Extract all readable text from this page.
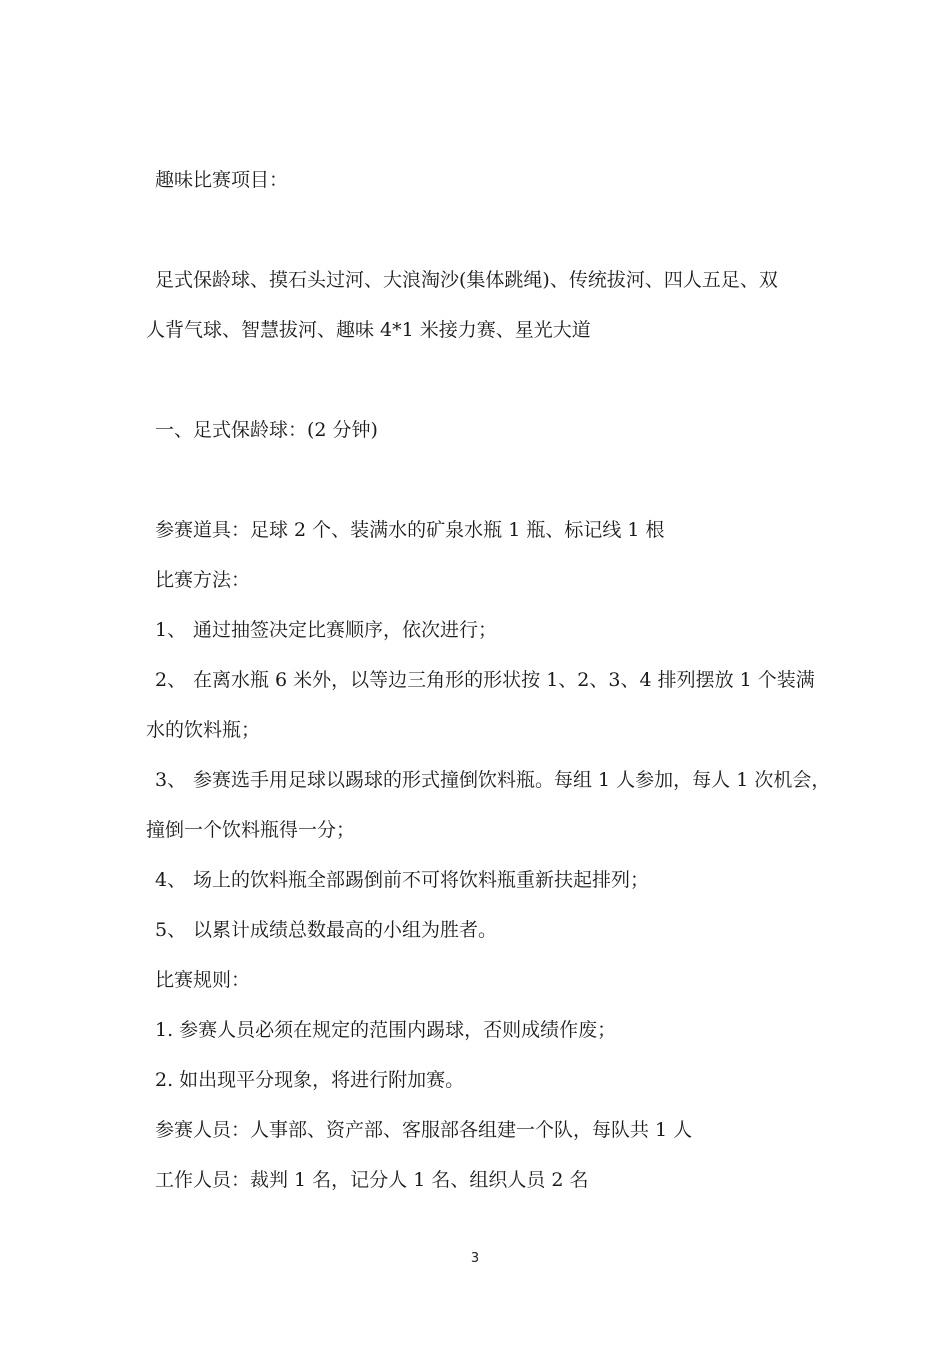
趣味比赛项目：
足式保龄球、摸石头过河、大浪淘沙(集体跳绳)、传统拔河、四人五足、双
人背气球、智慧拔河、趣味 4*1 米接力赛、星光大道
一、足式保龄球：(2 分钟)
参赛道具：足球 2 个、装满水的矿泉水瓶 1 瓶、标记线 1 根
比赛方法：
1、 通过抽签决定比赛顺序，依次进行；
2、 在离水瓶 6 米外，以等边三角形的形状按 1、2、3、4 排列摆放 1 个装满
水的饮料瓶；
3、 参赛选手用足球以踢球的形式撞倒饮料瓶。每组 1 人参加，每人 1 次机会，
撞倒一个饮料瓶得一分；
4、 场上的饮料瓶全部踢倒前不可将饮料瓶重新扶起排列；
5、 以累计成绩总数最高的小组为胜者。
比赛规则：
1. 参赛人员必须在规定的范围内踢球，否则成绩作废；
2. 如出现平分现象，将进行附加赛。
参赛人员：人事部、资产部、客服部各组建一个队，每队共 1 人
工作人员：裁判 1 名，记分人 1 名、组织人员 2 名
3
